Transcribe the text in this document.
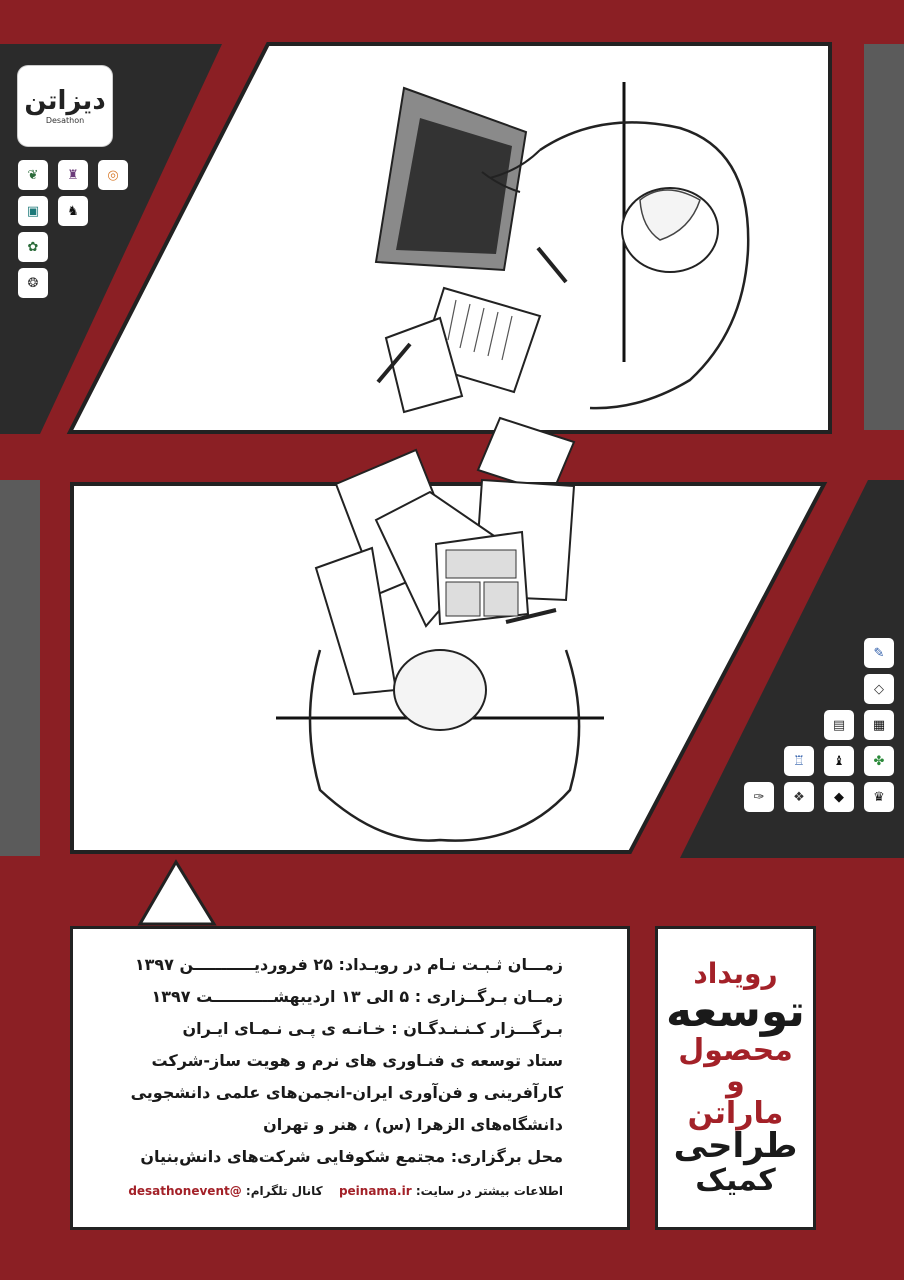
دیزاتن
Desathon
❦	♜	◎
▣	♞
✿
❂
✎
◇
▤	▦
♖	♝	✤
✑	❖	◆	♛
زمـــان ثـبـت نـام در رویـداد: ۲۵ فروردیـــــــــــن ۱۳۹۷
زمــان بـرگــزاری : ۵ الی ۱۳ اردیبهشـــــــــــت ۱۳۹۷
بـرگـــزار کـنـنـدگـان : خـانـه ی پـی نـمـای ایـران
ستاد توسعه ی فنـاوری های نرم و هویت ساز-شرکت
کارآفرینی و فن‌آوری ایران-انجمن‌های علمی دانشجویی
دانشگاه‌های الزهرا (س) ، هنر و تهران
محل برگزاری: مجتمع شکوفایی شرکت‌های دانش‌بنیان
اطلاعات بیشتر در سایت: peinama.ir  کانال تلگرام: @desathonevent
رویداد
توسعه
محصول
و
ماراتن
طراحی
کمیک
